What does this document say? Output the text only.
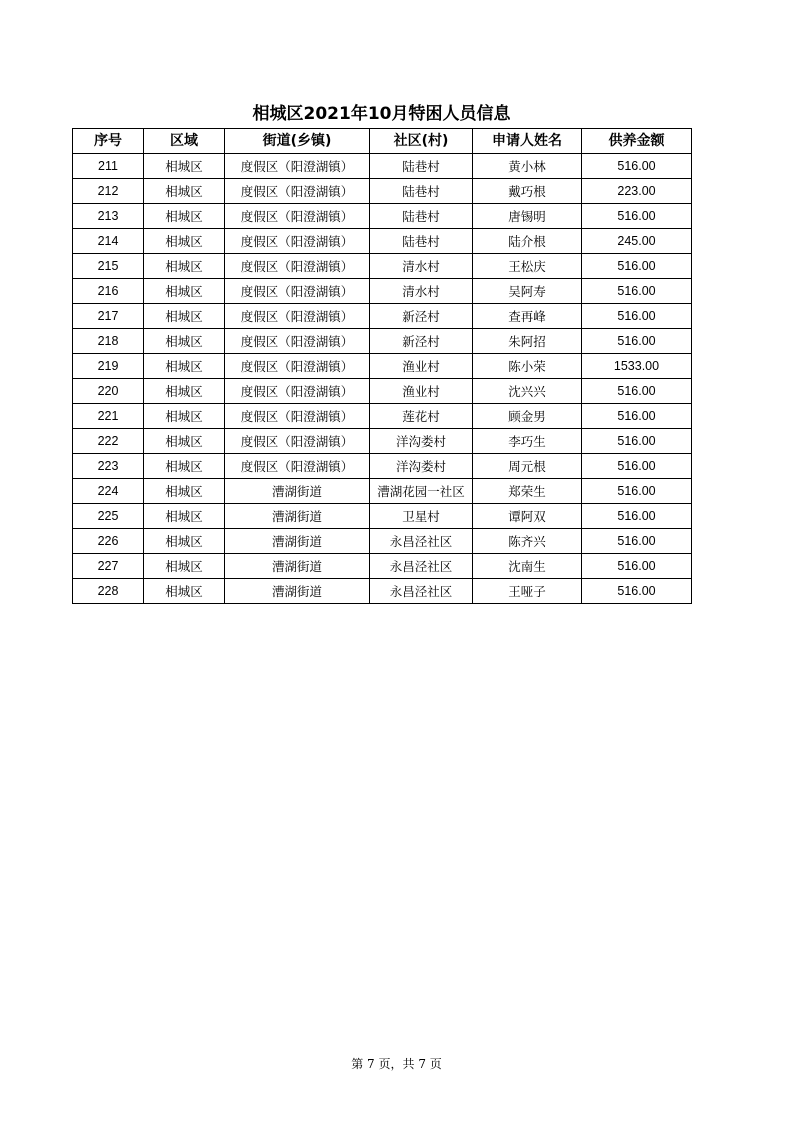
相城区2021年10月特困人员信息
序号	区域	街道(乡镇)	社区(村)	申请人姓名	供养金额
211	相城区	度假区（阳澄湖镇）	陆巷村	黄小林	516.00
212	相城区	度假区（阳澄湖镇）	陆巷村	戴巧根	223.00
213	相城区	度假区（阳澄湖镇）	陆巷村	唐锡明	516.00
214	相城区	度假区（阳澄湖镇）	陆巷村	陆介根	245.00
215	相城区	度假区（阳澄湖镇）	清水村	王松庆	516.00
216	相城区	度假区（阳澄湖镇）	清水村	吴阿寿	516.00
217	相城区	度假区（阳澄湖镇）	新泾村	查再峰	516.00
218	相城区	度假区（阳澄湖镇）	新泾村	朱阿招	516.00
219	相城区	度假区（阳澄湖镇）	渔业村	陈小荣	1533.00
220	相城区	度假区（阳澄湖镇）	渔业村	沈兴兴	516.00
221	相城区	度假区（阳澄湖镇）	莲花村	顾金男	516.00
222	相城区	度假区（阳澄湖镇）	洋沟娄村	李巧生	516.00
223	相城区	度假区（阳澄湖镇）	洋沟娄村	周元根	516.00
224	相城区	漕湖街道	漕湖花园一社区	郑荣生	516.00
225	相城区	漕湖街道	卫星村	谭阿双	516.00
226	相城区	漕湖街道	永昌泾社区	陈齐兴	516.00
227	相城区	漕湖街道	永昌泾社区	沈南生	516.00
228	相城区	漕湖街道	永昌泾社区	王哑子	516.00
第 7 页，共 7 页
